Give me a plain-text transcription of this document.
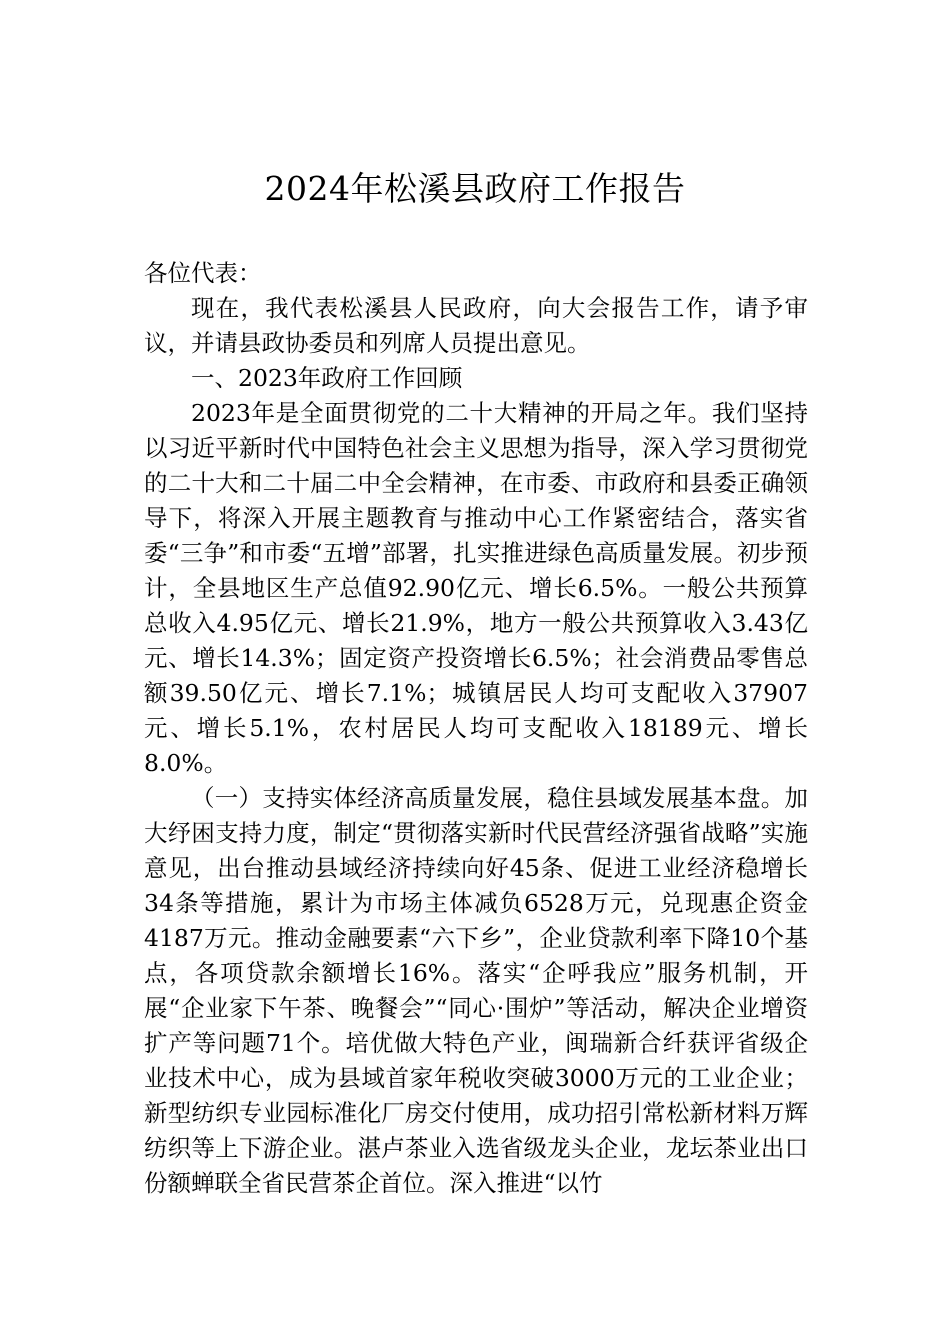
2024年松溪县政府工作报告

各位代表：

现在，我代表松溪县人民政府，向大会报告工作，请予审议，并请县政协委员和列席人员提出意见。

一、2023年政府工作回顾

2023年是全面贯彻党的二十大精神的开局之年。我们坚持以习近平新时代中国特色社会主义思想为指导，深入学习贯彻党的二十大和二十届二中全会精神，在市委、市政府和县委正确领导下，将深入开展主题教育与推动中心工作紧密结合，落实省委“三争”和市委“五增”部署，扎实推进绿色高质量发展。初步预计，全县地区生产总值92.90亿元、增长6.5%。一般公共预算总收入4.95亿元、增长21.9%，地方一般公共预算收入3.43亿元、增长14.3%；固定资产投资增长6.5%；社会消费品零售总额39.50亿元、增长7.1%；城镇居民人均可支配收入37907元、增长5.1%，农村居民人均可支配收入18189元、增长8.0%。

（一）支持实体经济高质量发展，稳住县域发展基本盘。加大纾困支持力度，制定“贯彻落实新时代民营经济强省战略”实施意见，出台推动县域经济持续向好45条、促进工业经济稳增长34条等措施，累计为市场主体减负6528万元，兑现惠企资金4187万元。推动金融要素“六下乡”，企业贷款利率下降10个基点，各项贷款余额增长16%。落实“企呼我应”服务机制，开展“企业家下午茶、晚餐会”“同心·围炉”等活动，解决企业增资扩产等问题71个。培优做大特色产业，闽瑞新合纤获评省级企业技术中心，成为县域首家年税收突破3000万元的工业企业；新型纺织专业园标准化厂房交付使用，成功招引常松新材料万辉纺织等上下游企业。湛卢茶业入选省级龙头企业，龙坛茶业出口份额蝉联全省民营茶企首位。深入推进“以竹
